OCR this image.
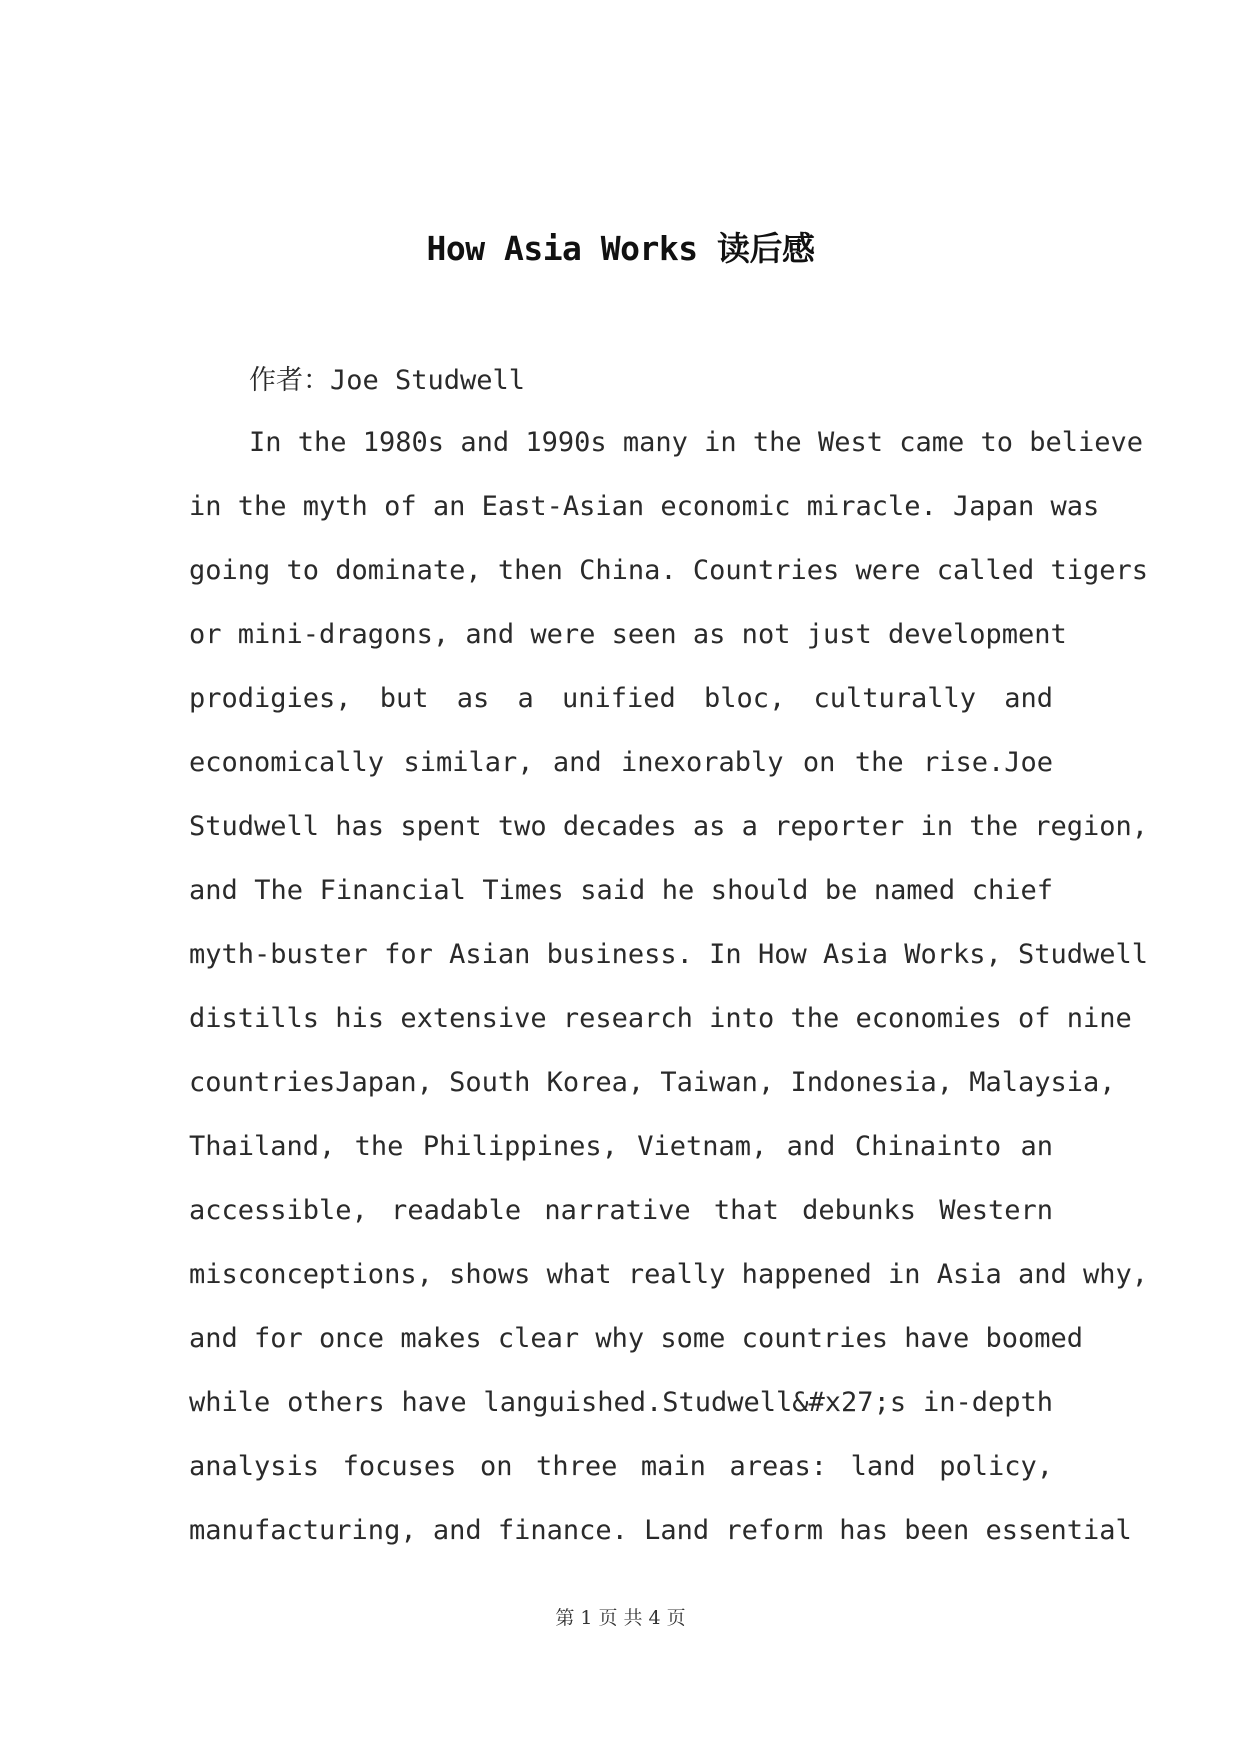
How Asia Works 读后感
作者：Joe Studwell
In the 1980s and 1990s many in the West came to believe
in the myth of an East-Asian economic miracle. Japan was
going to dominate, then China. Countries were called tigers
or mini-dragons, and were seen as not just development
prodigies, but as a unified bloc, culturally and
economically similar, and inexorably on the rise.Joe
Studwell has spent two decades as a reporter in the region,
and The Financial Times said he should be named chief
myth-buster for Asian business. In How Asia Works, Studwell
distills his extensive research into the economies of nine
countriesJapan, South Korea, Taiwan, Indonesia, Malaysia,
Thailand, the Philippines, Vietnam, and Chinainto an
accessible, readable narrative that debunks Western
misconceptions, shows what really happened in Asia and why,
and for once makes clear why some countries have boomed
while others have languished.Studwell&#x27;s in-depth
analysis focuses on three main areas: land policy,
manufacturing, and finance. Land reform has been essential
第 1 页 共 4 页
